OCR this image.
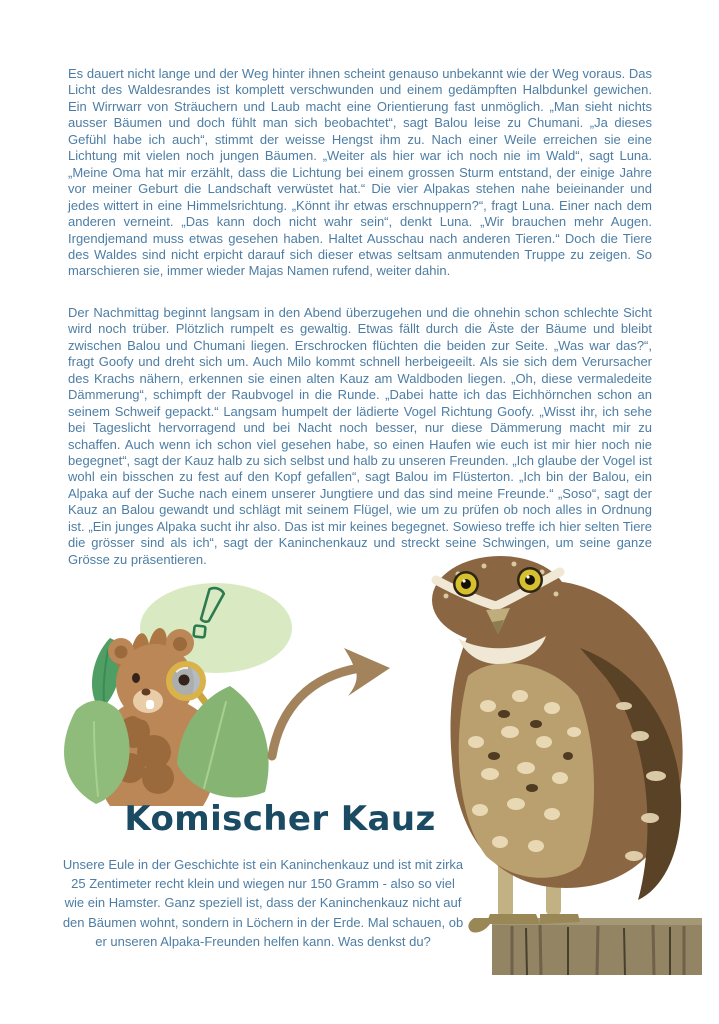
Es dauert nicht lange und der Weg hinter ihnen scheint genauso unbekannt wie der Weg voraus. Das Licht des Waldesrandes ist komplett verschwunden und einem gedämpften Halbdunkel gewichen. Ein Wirrwarr von Sträuchern und Laub macht eine Orientierung fast unmöglich. „Man sieht nichts ausser Bäumen und doch fühlt man sich beobachtet“, sagt Balou leise zu Chumani. „Ja dieses Gefühl habe ich auch“, stimmt der weisse Hengst ihm zu. Nach einer Weile erreichen sie eine Lichtung mit vielen noch jungen Bäumen. „Weiter als hier war ich noch nie im Wald“, sagt Luna. „Meine Oma hat mir erzählt, dass die Lichtung bei einem grossen Sturm entstand, der einige Jahre vor meiner Geburt die Landschaft verwüstet hat.“ Die vier Alpakas stehen nahe beieinander und jedes wittert in eine Himmelsrichtung. „Könnt ihr etwas erschnuppern?“, fragt Luna. Einer nach dem anderen verneint. „Das kann doch nicht wahr sein“, denkt Luna. „Wir brauchen mehr Augen. Irgendjemand muss etwas gesehen haben. Haltet Ausschau nach anderen Tieren.“ Doch die Tiere des Waldes sind nicht erpicht darauf sich dieser etwas seltsam anmutenden Truppe zu zeigen. So marschieren sie, immer wieder Majas Namen rufend, weiter dahin.

Der Nachmittag beginnt langsam in den Abend überzugehen und die ohnehin schon schlechte Sicht wird noch trüber. Plötzlich rumpelt es gewaltig. Etwas fällt durch die Äste der Bäume und bleibt zwischen Balou und Chumani liegen. Erschrocken flüchten die beiden zur Seite. „Was war das?“, fragt Goofy und dreht sich um. Auch Milo kommt schnell herbeigeeilt. Als sie sich dem Verursacher des Krachs nähern, erkennen sie einen alten Kauz am Waldboden liegen. „Oh, diese vermaledeite Dämmerung“, schimpft der Raubvogel in die Runde. „Dabei hatte ich das Eichhörnchen schon an seinem Schweif gepackt.“ Langsam humpelt der lädierte Vogel Richtung Goofy. „Wisst ihr, ich sehe bei Tageslicht hervorragend und bei Nacht noch besser, nur diese Dämmerung macht mir zu schaffen. Auch wenn ich schon viel gesehen habe, so einen Haufen wie euch ist mir hier noch nie begegnet“, sagt der Kauz halb zu sich selbst und halb zu unseren Freunden. „Ich glaube der Vogel ist wohl ein bisschen zu fest auf den Kopf gefallen“, sagt Balou im Flüsterton. „Ich bin der Balou, ein Alpaka auf der Suche nach einem unserer Jungtiere und das sind meine Freunde.“ „Soso“, sagt der Kauz an Balou gewandt und schlägt mit seinem Flügel, wie um zu prüfen ob noch alles in Ordnung ist. „Ein junges Alpaka sucht ihr also. Das ist mir keines begegnet. Sowieso treffe ich hier selten Tiere die grösser sind als ich“, sagt der Kaninchenkauz und streckt seine Schwingen, um seine ganze Grösse zu präsentieren.

Komischer Kauz
Unsere Eule in der Geschichte ist ein Kaninchenkauz und ist mit zirka 25 Zentimeter recht klein und wiegen nur 150 Gramm - also so viel wie ein Hamster. Ganz speziell ist, dass der Kaninchenkauz nicht auf den Bäumen wohnt, sondern in Löchern in der Erde. Mal schauen, ob er unseren Alpaka-Freunden helfen kann. Was denkst du?
